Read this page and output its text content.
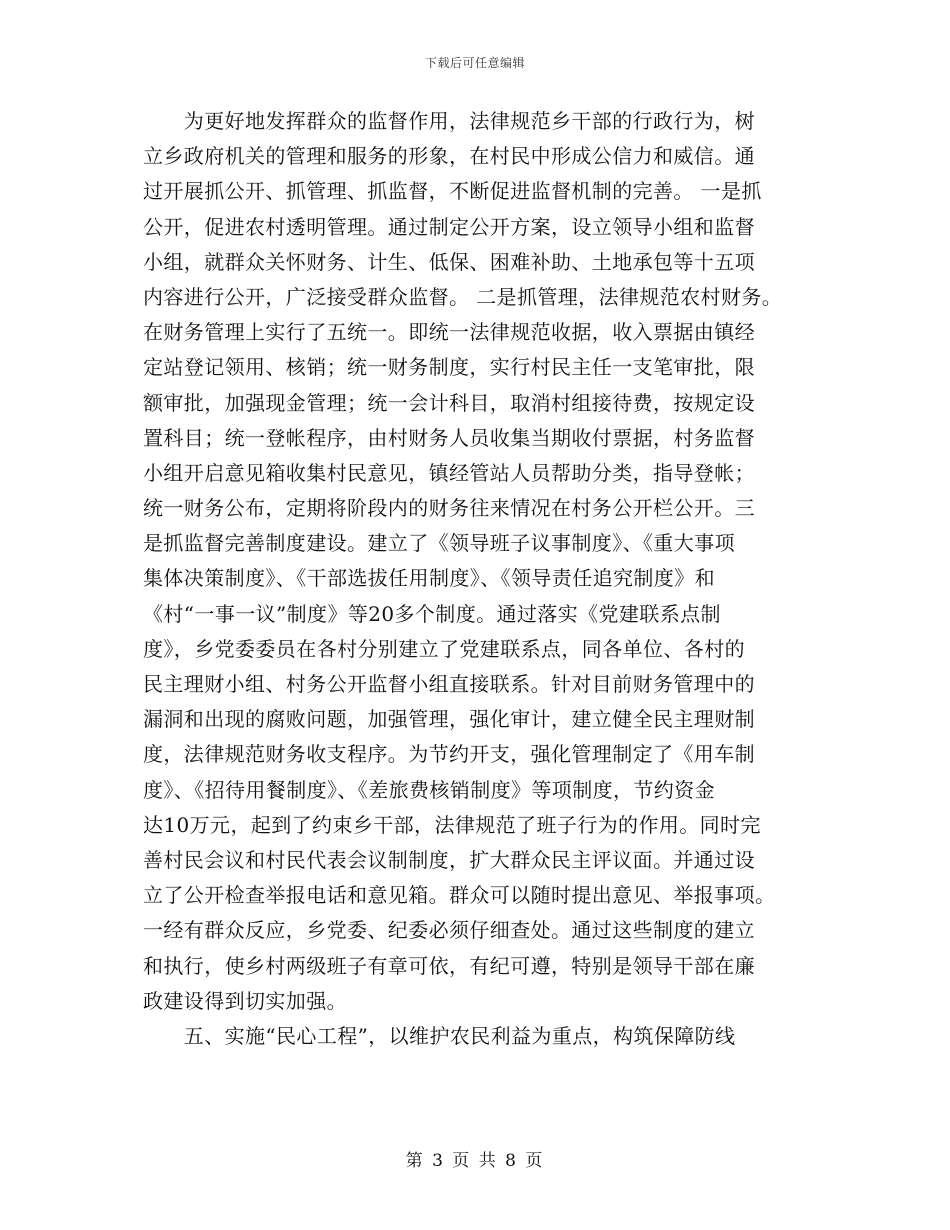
下载后可任意编辑
　　为更好地发挥群众的监督作用，法律规范乡干部的行政行为，树
立乡政府机关的管理和服务的形象，在村民中形成公信力和威信。通
过开展抓公开、抓管理、抓监督，不断促进监督机制的完善。 一是抓
公开，促进农村透明管理。通过制定公开方案，设立领导小组和监督
小组，就群众关怀财务、计生、低保、困难补助、土地承包等十五项
内容进行公开，广泛接受群众监督。 二是抓管理，法律规范农村财务。
在财务管理上实行了五统一。即统一法律规范收据，收入票据由镇经
定站登记领用、核销；统一财务制度，实行村民主任一支笔审批，限
额审批，加强现金管理；统一会计科目，取消村组接待费，按规定设
置科目；统一登帐程序，由村财务人员收集当期收付票据，村务监督
小组开启意见箱收集村民意见，镇经管站人员帮助分类，指导登帐；
统一财务公布，定期将阶段内的财务往来情况在村务公开栏公开。三
是抓监督完善制度建设。建立了《领导班子议事制度》、《重大事项
集体决策制度》、《干部选拔任用制度》、《领导责任追究制度》和
《村“一事一议”制度》等20多个制度。通过落实《党建联系点制
度》，乡党委委员在各村分别建立了党建联系点，同各单位、各村的
民主理财小组、村务公开监督小组直接联系。针对目前财务管理中的
漏洞和出现的腐败问题，加强管理，强化审计，建立健全民主理财制
度，法律规范财务收支程序。为节约开支，强化管理制定了《用车制
度》、《招待用餐制度》、《差旅费核销制度》等项制度，节约资金
达10万元，起到了约束乡干部，法律规范了班子行为的作用。同时完
善村民会议和村民代表会议制制度，扩大群众民主评议面。并通过设
立了公开检查举报电话和意见箱。群众可以随时提出意见、举报事项。
一经有群众反应，乡党委、纪委必须仔细查处。通过这些制度的建立
和执行，使乡村两级班子有章可依，有纪可遵，特别是领导干部在廉
政建设得到切实加强。
　　五、实施“民心工程”，以维护农民利益为重点，构筑保障防线
第 3 页 共 8 页
